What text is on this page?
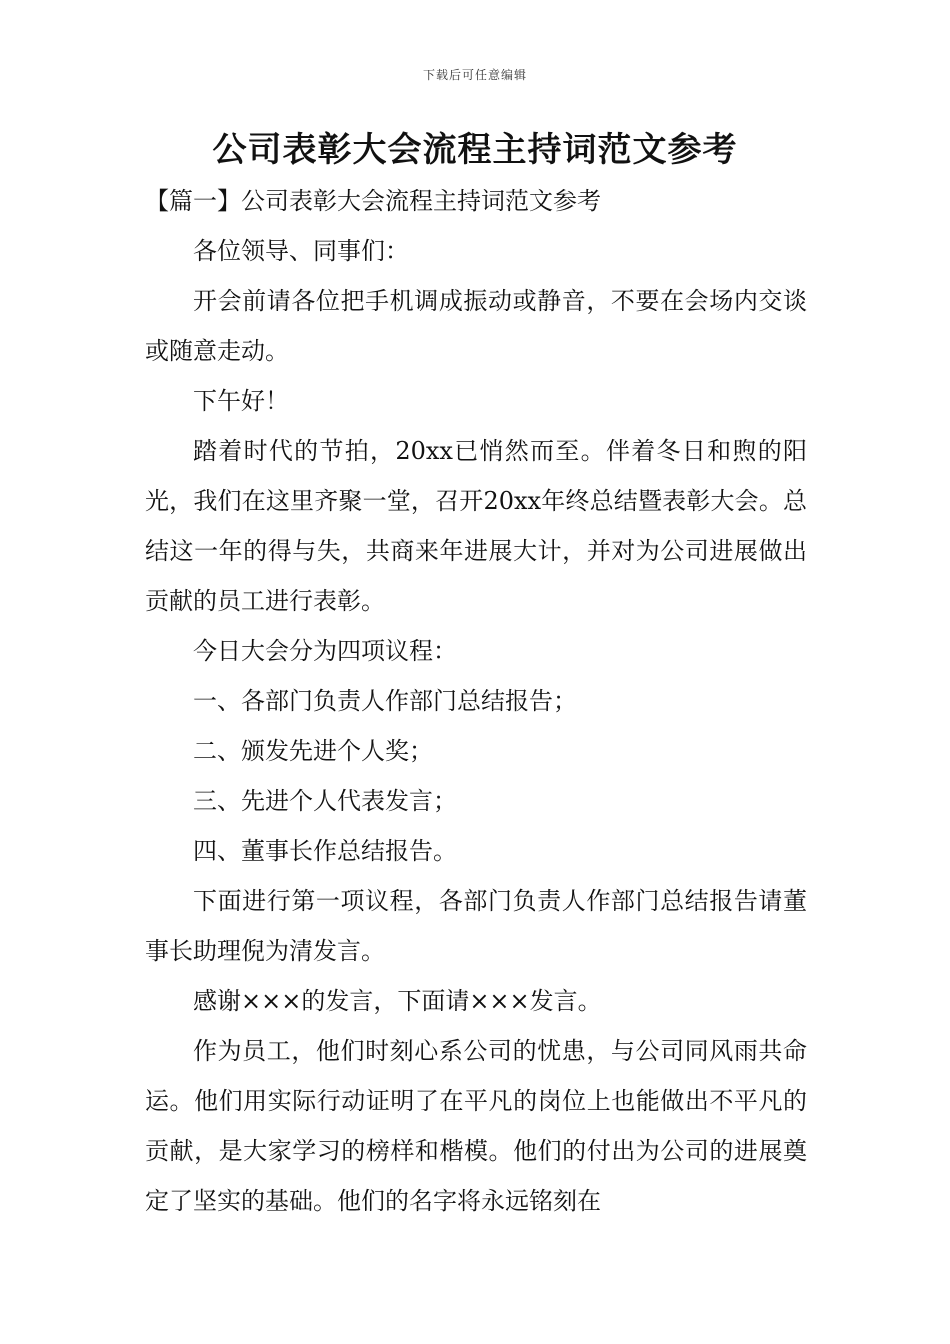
下载后可任意编辑
公司表彰大会流程主持词范文参考

【篇一】公司表彰大会流程主持词范文参考

各位领导、同事们：

开会前请各位把手机调成振动或静音，不要在会场内交谈或随意走动。

下午好！

踏着时代的节拍，20xx已悄然而至。伴着冬日和煦的阳光，我们在这里齐聚一堂，召开20xx年终总结暨表彰大会。总结这一年的得与失，共商来年进展大计，并对为公司进展做出贡献的员工进行表彰。

今日大会分为四项议程：

一、各部门负责人作部门总结报告；

二、颁发先进个人奖；

三、先进个人代表发言；

四、董事长作总结报告。

下面进行第一项议程，各部门负责人作部门总结报告请董事长助理倪为清发言。

感谢×××的发言，下面请×××发言。

作为员工，他们时刻心系公司的忧患，与公司同风雨共命运。他们用实际行动证明了在平凡的岗位上也能做出不平凡的贡献，是大家学习的榜样和楷模。他们的付出为公司的进展奠定了坚实的基础。他们的名字将永远铭刻在
